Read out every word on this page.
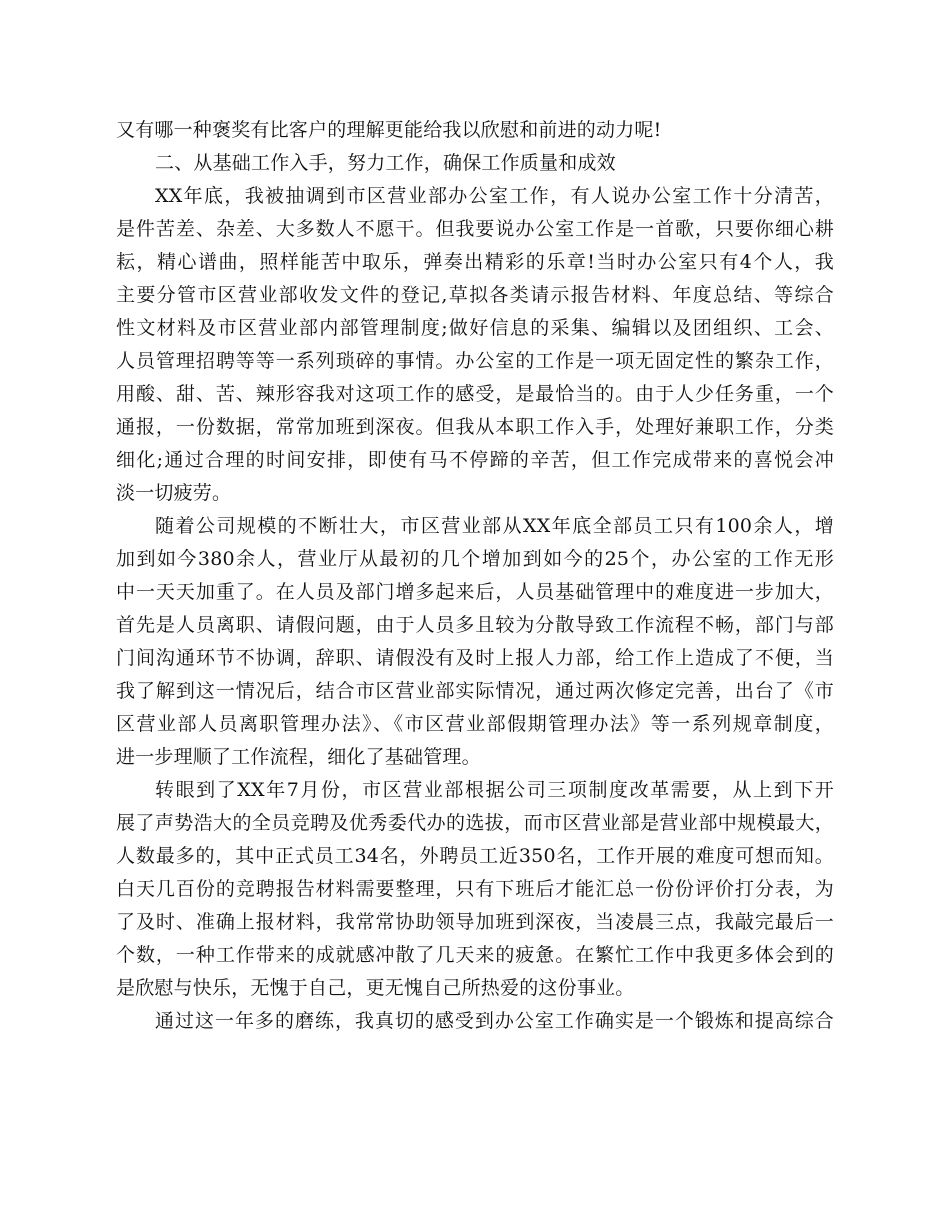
又有哪一种褒奖有比客户的理解更能给我以欣慰和前进的动力呢!
二、从基础工作入手，努力工作，确保工作质量和成效
XX年底，我被抽调到市区营业部办公室工作，有人说办公室工作十分清苦，
是件苦差、杂差、大多数人不愿干。但我要说办公室工作是一首歌，只要你细心耕
耘，精心谱曲，照样能苦中取乐，弹奏出精彩的乐章!当时办公室只有4个人，我
主要分管市区营业部收发文件的登记,草拟各类请示报告材料、年度总结、等综合
性文材料及市区营业部内部管理制度;做好信息的采集、编辑以及团组织、工会、
人员管理招聘等等一系列琐碎的事情。办公室的工作是一项无固定性的繁杂工作，
用酸、甜、苦、辣形容我对这项工作的感受，是最恰当的。由于人少任务重，一个
通报，一份数据，常常加班到深夜。但我从本职工作入手，处理好兼职工作，分类
细化;通过合理的时间安排，即使有马不停蹄的辛苦，但工作完成带来的喜悦会冲
淡一切疲劳。
随着公司规模的不断壮大，市区营业部从XX年底全部员工只有100余人，增
加到如今380余人，营业厅从最初的几个增加到如今的25个，办公室的工作无形
中一天天加重了。在人员及部门增多起来后，人员基础管理中的难度进一步加大，
首先是人员离职、请假问题，由于人员多且较为分散导致工作流程不畅，部门与部
门间沟通环节不协调，辞职、请假没有及时上报人力部，给工作上造成了不便，当
我了解到这一情况后，结合市区营业部实际情况，通过两次修定完善，出台了《市
区营业部人员离职管理办法》、《市区营业部假期管理办法》等一系列规章制度，
进一步理顺了工作流程，细化了基础管理。
转眼到了XX年7月份，市区营业部根据公司三项制度改革需要，从上到下开
展了声势浩大的全员竞聘及优秀委代办的选拔，而市区营业部是营业部中规模最大，
人数最多的，其中正式员工34名，外聘员工近350名，工作开展的难度可想而知。
白天几百份的竞聘报告材料需要整理，只有下班后才能汇总一份份评价打分表，为
了及时、准确上报材料，我常常协助领导加班到深夜，当凌晨三点，我敲完最后一
个数，一种工作带来的成就感冲散了几天来的疲惫。在繁忙工作中我更多体会到的
是欣慰与快乐，无愧于自己，更无愧自己所热爱的这份事业。
通过这一年多的磨练，我真切的感受到办公室工作确实是一个锻炼和提高综合
